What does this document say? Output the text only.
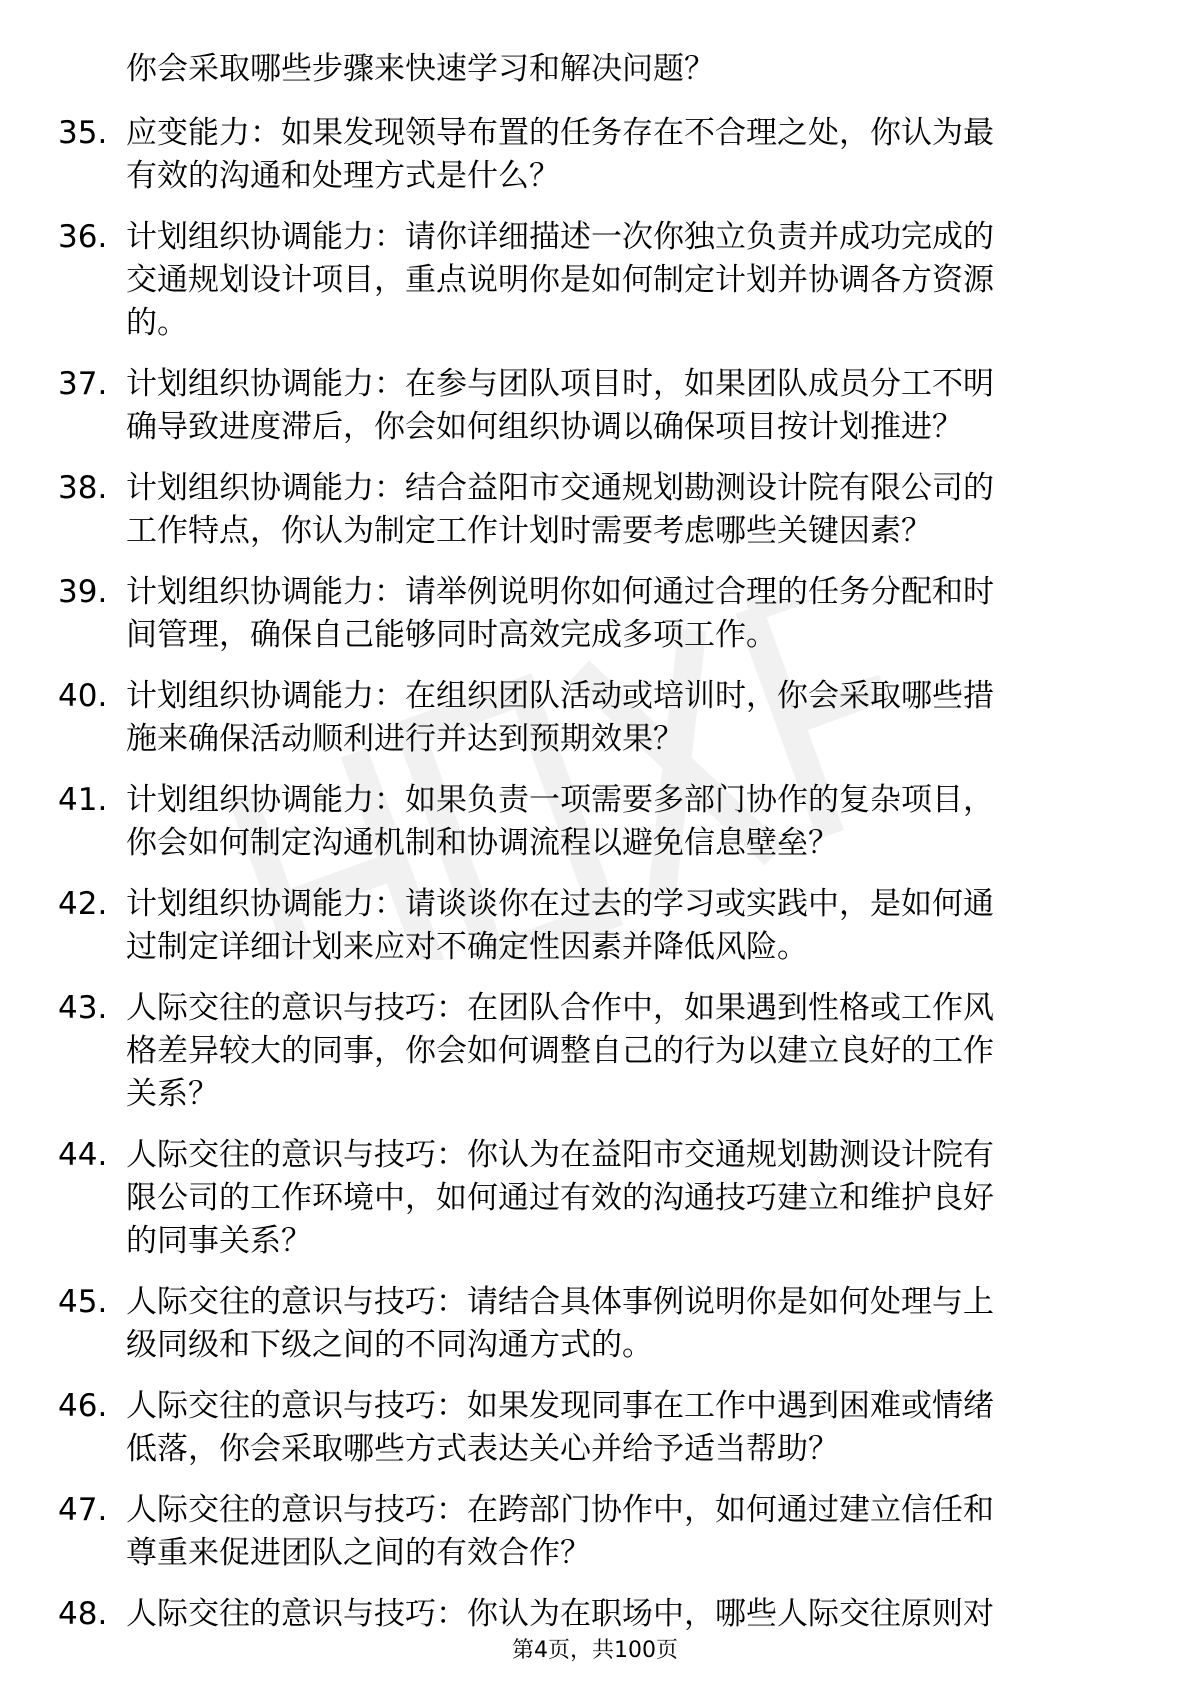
你会采取哪些步骤来快速学习和解决问题？
35. 应变能力：如果发现领导布置的任务存在不合理之处，你认为最
有效的沟通和处理方式是什么？
36. 计划组织协调能力：请你详细描述一次你独立负责并成功完成的
交通规划设计项目，重点说明你是如何制定计划并协调各方资源
的。
37. 计划组织协调能力：在参与团队项目时，如果团队成员分工不明
确导致进度滞后，你会如何组织协调以确保项目按计划推进？
38. 计划组织协调能力：结合益阳市交通规划勘测设计院有限公司的
工作特点，你认为制定工作计划时需要考虑哪些关键因素？
39. 计划组织协调能力：请举例说明你如何通过合理的任务分配和时
间管理，确保自己能够同时高效完成多项工作。
40. 计划组织协调能力：在组织团队活动或培训时，你会采取哪些措
施来确保活动顺利进行并达到预期效果？
41. 计划组织协调能力：如果负责一项需要多部门协作的复杂项目，
你会如何制定沟通机制和协调流程以避免信息壁垒？
42. 计划组织协调能力：请谈谈你在过去的学习或实践中，是如何通
过制定详细计划来应对不确定性因素并降低风险。
43. 人际交往的意识与技巧：在团队合作中，如果遇到性格或工作风
格差异较大的同事，你会如何调整自己的行为以建立良好的工作
关系？
44. 人际交往的意识与技巧：你认为在益阳市交通规划勘测设计院有
限公司的工作环境中，如何通过有效的沟通技巧建立和维护良好
的同事关系？
45. 人际交往的意识与技巧：请结合具体事例说明你是如何处理与上
级同级和下级之间的不同沟通方式的。
46. 人际交往的意识与技巧：如果发现同事在工作中遇到困难或情绪
低落，你会采取哪些方式表达关心并给予适当帮助？
47. 人际交往的意识与技巧：在跨部门协作中，如何通过建立信任和
尊重来促进团队之间的有效合作？
48. 人际交往的意识与技巧：你认为在职场中，哪些人际交往原则对
第4页，共100页
